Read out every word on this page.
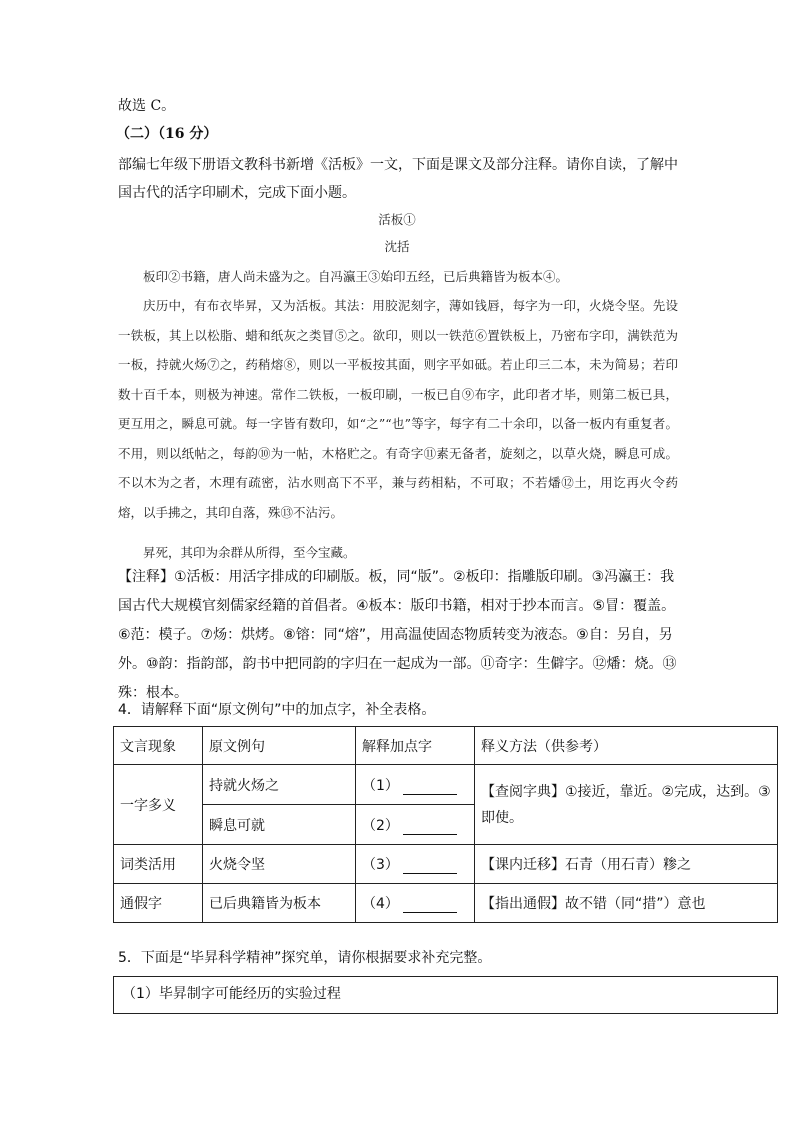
故选 C。
（二）（16 分）
部编七年级下册语文教科书新增《活板》一文，下面是课文及部分注释。请你自读，了解中
国古代的活字印刷术，完成下面小题。
活板①
沈括

板印②书籍，唐人尚未盛为之。自冯瀛王③始印五经，已后典籍皆为板本④。

庆历中，有布衣毕昇，又为活板。其法：用胶泥刻字，薄如钱唇，每字为一印，火烧令坚。先设一铁板，其上以松脂、蜡和纸灰之类冒⑤之。欲印，则以一铁范⑥置铁板上，乃密布字印，满铁范为一板，持就火炀⑦之，药稍熔⑧，则以一平板按其面，则字平如砥。若止印三二本，未为简易；若印数十百千本，则极为神速。常作二铁板，一板印刷，一板已自⑨布字，此印者才毕，则第二板已具，更互用之，瞬息可就。每一字皆有数印，如“之”“也”等字，每字有二十余印，以备一板内有重复者。不用，则以纸帖之，每韵⑩为一帖，木格贮之。有奇字⑪素无备者，旋刻之，以草火烧，瞬息可成。不以木为之者，木理有疏密，沾水则高下不平，兼与药相粘，不可取；不若燔⑫土，用讫再火令药熔，以手拂之，其印自落，殊⑬不沾污。

昇死，其印为余群从所得，至今宝藏。

【注释】①活板：用活字排成的印刷版。板，同“版”。②板印：指雕版印刷。③冯瀛王：我国古代大规模官刻儒家经籍的首倡者。④板本：版印书籍，相对于抄本而言。⑤冒：覆盖。⑥范：模子。⑦炀：烘烤。⑧镕：同“熔”，用高温使固态物质转变为液态。⑨自：另自，另外。⑩韵：指韵部，韵书中把同韵的字归在一起成为一部。⑪奇字：生僻字。⑫燔：烧。⑬殊：根本。
4．请解释下面“原文例句”中的加点字，补全表格。
文言现象	原文例句	解释加点字	释义方法（供参考）
一字多义	持就火炀之	（1）	【查阅字典】①接近，靠近。②完成，达到。③即使。
	瞬息可就	（2）	
词类活用	火烧令坚	（3）	【课内迁移】石青（用石青）糁之
通假字	已后典籍皆为板本	（4）	【指出通假】故不错（同“措”）意也
5．下面是“毕昇科学精神”探究单，请你根据要求补充完整。
（1）毕昇制字可能经历的实验过程
